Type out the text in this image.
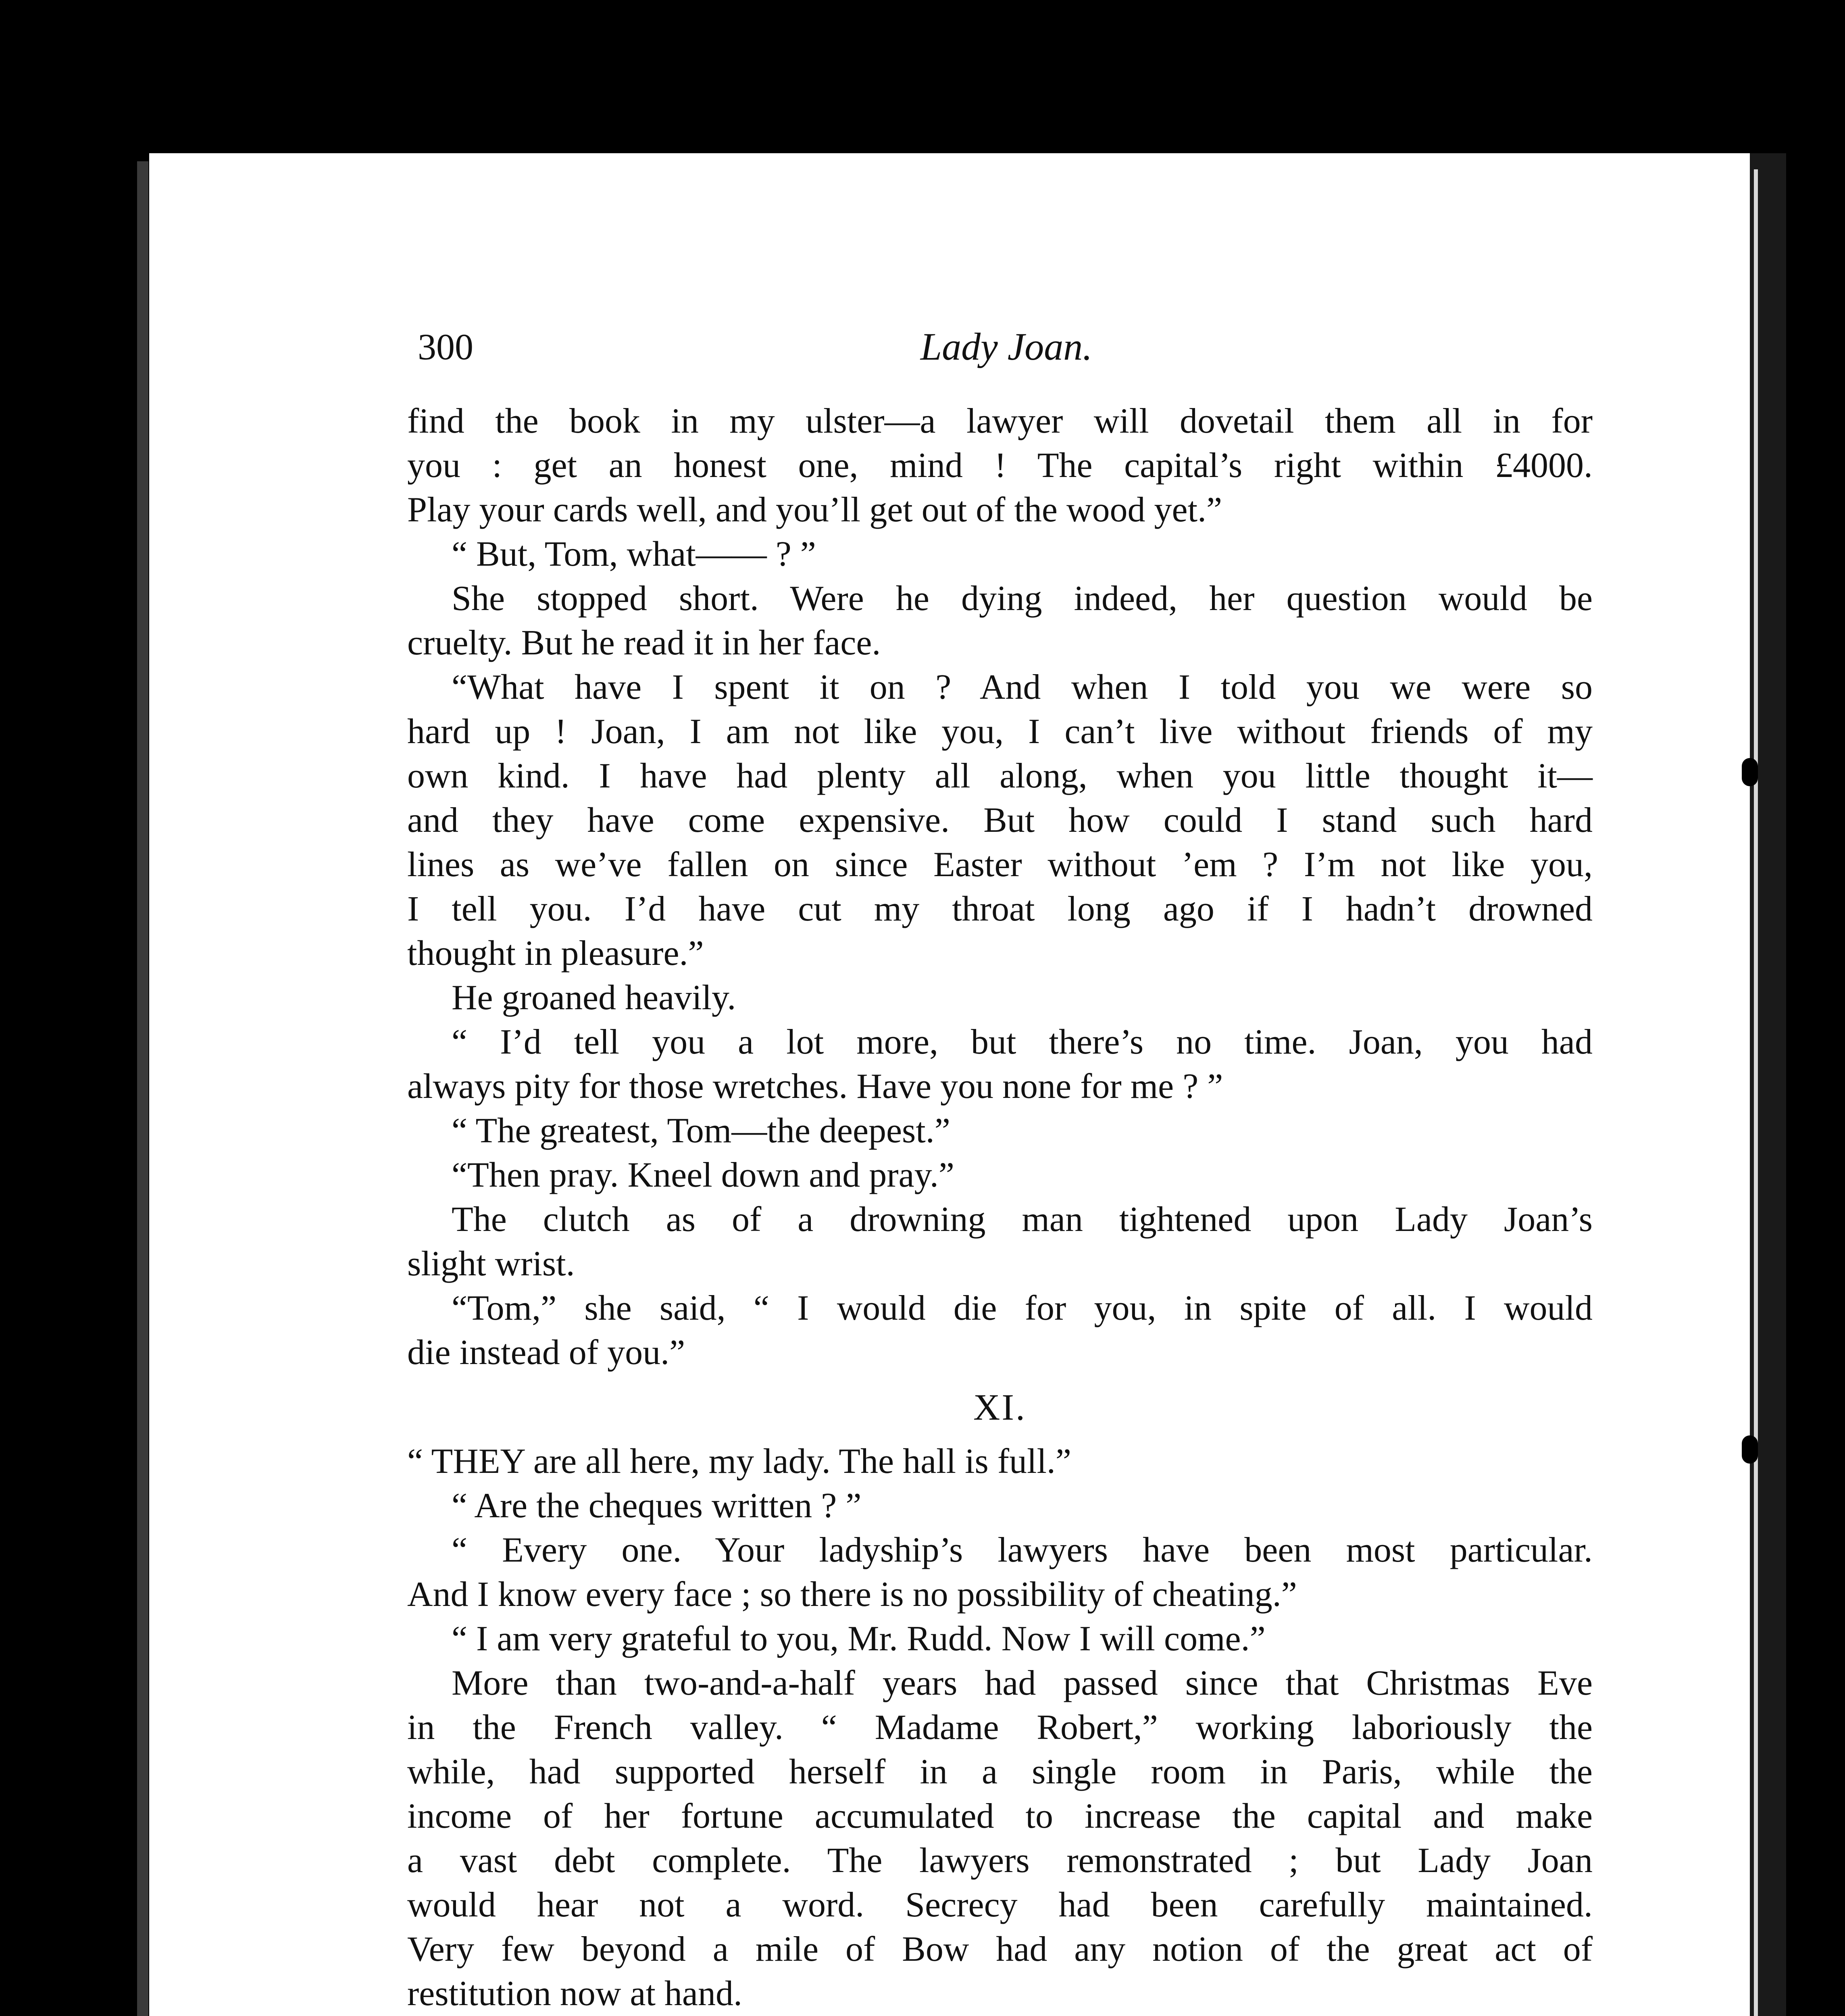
300	Lady Joan.
find the book in my ulster—a lawyer will dovetail them all in for
you : get an honest one, mind ! The capital’s right within £4000.
Play your cards well, and you’ll get out of the wood yet.”
“ But, Tom, what—— ? ”
She stopped short. Were he dying indeed, her question would be
cruelty. But he read it in her face.
“What have I spent it on ? And when I told you we were so
hard up ! Joan, I am not like you, I can’t live without friends of my
own kind. I have had plenty all along, when you little thought it—
and they have come expensive. But how could I stand such hard
lines as we’ve fallen on since Easter without ’em ? I’m not like you,
I tell you. I’d have cut my throat long ago if I hadn’t drowned
thought in pleasure.”
He groaned heavily.
“ I’d tell you a lot more, but there’s no time. Joan, you had
always pity for those wretches. Have you none for me ? ”
“ The greatest, Tom—the deepest.”
“Then pray. Kneel down and pray.”
The clutch as of a drowning man tightened upon Lady Joan’s
slight wrist.
“Tom,” she said, “ I would die for you, in spite of all. I would
die instead of you.”
XI.
“ THEY are all here, my lady. The hall is full.”
“ Are the cheques written ? ”
“ Every one. Your ladyship’s lawyers have been most particular.
And I know every face ; so there is no possibility of cheating.”
“ I am very grateful to you, Mr. Rudd. Now I will come.”
More than two-and-a-half years had passed since that Christmas Eve
in the French valley. “ Madame Robert,” working laboriously the
while, had supported herself in a single room in Paris, while the
income of her fortune accumulated to increase the capital and make
a vast debt complete. The lawyers remonstrated ; but Lady Joan
would hear not a word. Secrecy had been carefully maintained.
Very few beyond a mile of Bow had any notion of the great act of
restitution now at hand.
